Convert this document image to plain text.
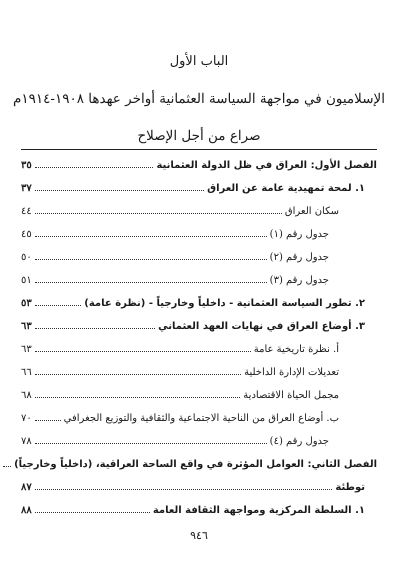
الباب الأول
الإسلاميون في مواجهة السياسة العثمانية أواخر عهدها ١٩٠٨-١٩١٤م
صراع من أجل الإصلاح
الفصل الأول: العراق في ظل الدولة العثمانية
٣٥
١. لمحة تمهيدية عامة عن العراق
٣٧
سكان العراق
٤٤
جدول رقم (١)
٤٥
جدول رقم (٢)
٥٠
جدول رقم (٣)
٥١
٢. تطور السياسة العثمانية - داخلياً وخارجياً - (نظرة عامة)
٥٣
٣. أوضاع العراق في نهايات العهد العثماني
٦٣
أ. نظرة تاريخية عامة
٦٣
تعديلات الإدارة الداخلية
٦٦
مجمل الحياة الاقتصادية
٦٨
ب. أوضاع العراق من الناحية الاجتماعية والثقافية والتوزيع الجغرافي
٧٠
جدول رقم (٤)
٧٨
الفصل الثاني: العوامل المؤثرة في واقع الساحة العراقية، (داخلياً وخارجياً)
توطئة
٨٧
١. السلطة المركزية ومواجهة الثقافة العامة
٨٨
٩٤٦
